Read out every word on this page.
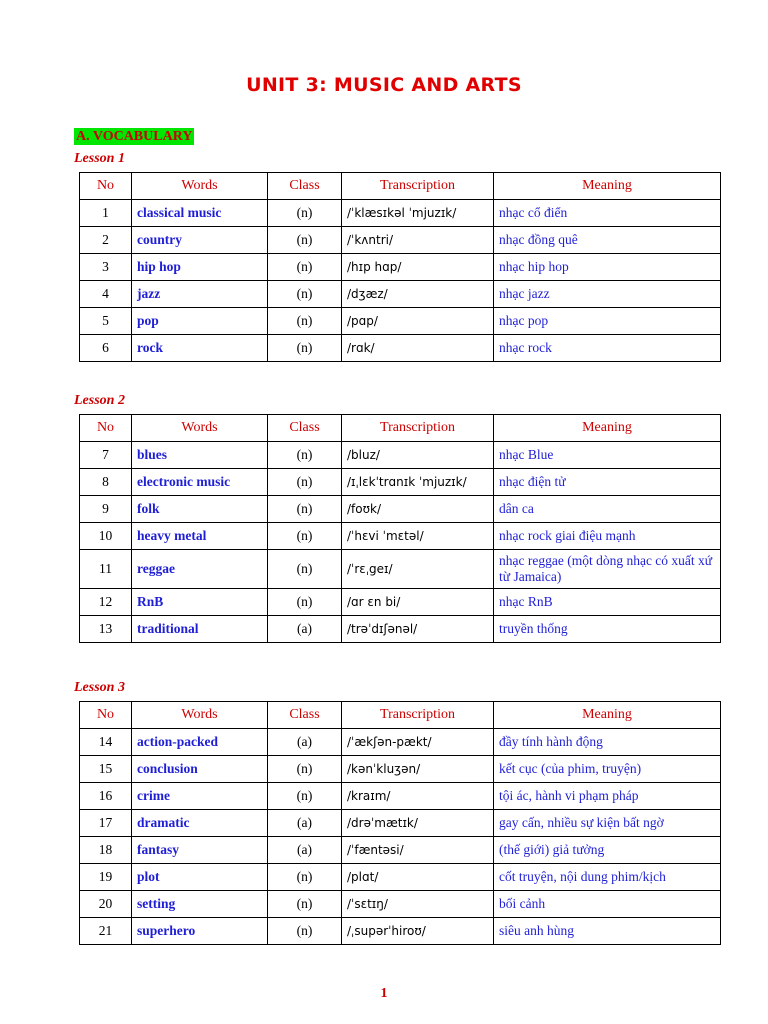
UNIT 3: MUSIC AND ARTS
A. VOCABULARY
Lesson 1
No	Words	Class	Transcription	Meaning
1	classical music	(n)	/ˈklæsɪkəl ˈmjuzɪk/	nhạc cổ điển
2	country	(n)	/ˈkʌntri/	nhạc đồng quê
3	hip hop	(n)	/hɪp hɑp/	nhạc hip hop
4	jazz	(n)	/dʒæz/	nhạc jazz
5	pop	(n)	/pɑp/	nhạc pop
6	rock	(n)	/rɑk/	nhạc rock
Lesson 2
No	Words	Class	Transcription	Meaning
7	blues	(n)	/bluz/	nhạc Blue
8	electronic music	(n)	/ɪˌlɛkˈtrɑnɪk ˈmjuzɪk/	nhạc điện tử
9	folk	(n)	/foʊk/	dân ca
10	heavy metal	(n)	/ˈhɛvi ˈmɛtəl/	nhạc rock giai điệu mạnh
11	reggae	(n)	/ˈrɛˌgeɪ/	nhạc reggae (một dòng nhạc có xuất xứ từ Jamaica)
12	RnB	(n)	/ɑr ɛn bi/	nhạc RnB
13	traditional	(a)	/trəˈdɪʃənəl/	truyền thống
Lesson 3
No	Words	Class	Transcription	Meaning
14	action-packed	(a)	/ˈækʃən-pækt/	đầy tính hành động
15	conclusion	(n)	/kənˈkluʒən/	kết cục (của phim, truyện)
16	crime	(n)	/kraɪm/	tội ác, hành vi phạm pháp
17	dramatic	(a)	/drəˈmætɪk/	gay cấn, nhiều sự kiện bất ngờ
18	fantasy	(a)	/ˈfæntəsi/	(thế giới) giả tưởng
19	plot	(n)	/plɑt/	cốt truyện, nội dung phim/kịch
20	setting	(n)	/ˈsɛtɪŋ/	bối cảnh
21	superhero	(n)	/ˌsupərˈhiroʊ/	siêu anh hùng
1
